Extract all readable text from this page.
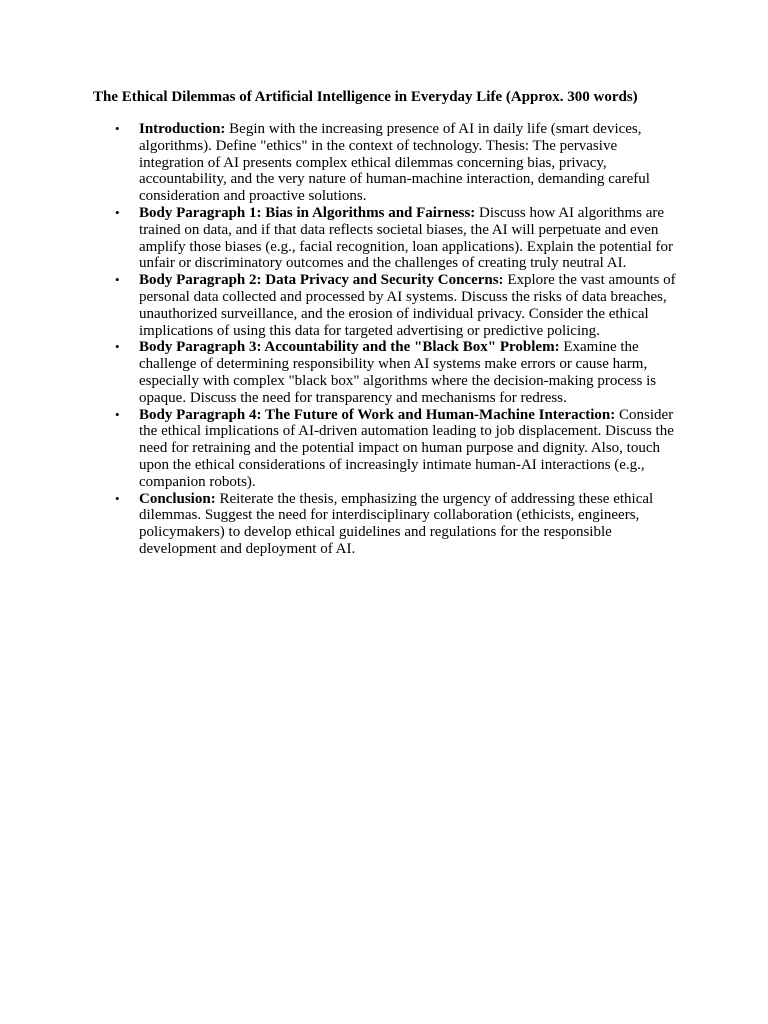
The Ethical Dilemmas of Artificial Intelligence in Everyday Life (Approx. 300 words)
• Introduction: Begin with the increasing presence of AI in daily life (smart devices, algorithms). Define "ethics" in the context of technology. Thesis: The pervasive integration of AI presents complex ethical dilemmas concerning bias, privacy, accountability, and the very nature of human-machine interaction, demanding careful consideration and proactive solutions.
• Body Paragraph 1: Bias in Algorithms and Fairness: Discuss how AI algorithms are trained on data, and if that data reflects societal biases, the AI will perpetuate and even amplify those biases (e.g., facial recognition, loan applications). Explain the potential for unfair or discriminatory outcomes and the challenges of creating truly neutral AI.
• Body Paragraph 2: Data Privacy and Security Concerns: Explore the vast amounts of personal data collected and processed by AI systems. Discuss the risks of data breaches, unauthorized surveillance, and the erosion of individual privacy. Consider the ethical implications of using this data for targeted advertising or predictive policing.
• Body Paragraph 3: Accountability and the "Black Box" Problem: Examine the challenge of determining responsibility when AI systems make errors or cause harm, especially with complex "black box" algorithms where the decision-making process is opaque. Discuss the need for transparency and mechanisms for redress.
• Body Paragraph 4: The Future of Work and Human-Machine Interaction: Consider the ethical implications of AI-driven automation leading to job displacement. Discuss the need for retraining and the potential impact on human purpose and dignity. Also, touch upon the ethical considerations of increasingly intimate human-AI interactions (e.g., companion robots).
• Conclusion: Reiterate the thesis, emphasizing the urgency of addressing these ethical dilemmas. Suggest the need for interdisciplinary collaboration (ethicists, engineers, policymakers) to develop ethical guidelines and regulations for the responsible development and deployment of AI.
